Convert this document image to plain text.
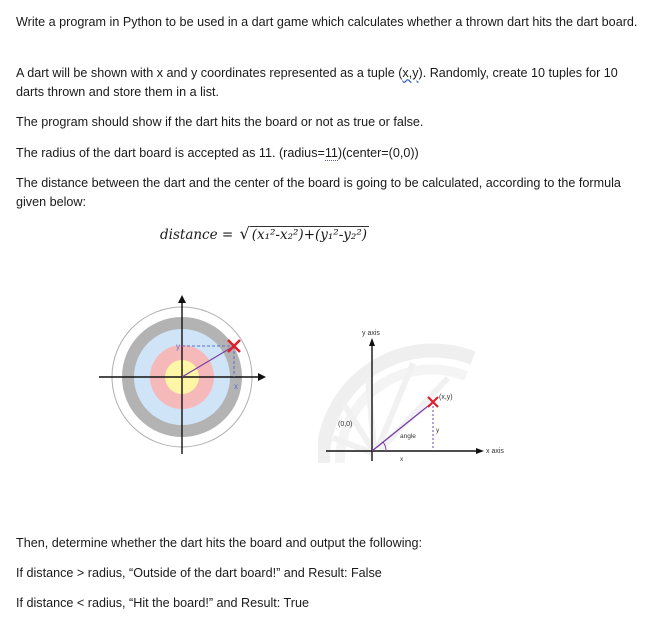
Write a program in Python to be used in a dart game which calculates whether a thrown dart hits the dart board.

A dart will be shown with x and y coordinates represented as a tuple (x,y). Randomly, create 10 tuples for 10 darts thrown and store them in a list.

The program should show if the dart hits the board or not as true or false.

The radius of the dart board is accepted as 11. (radius=11)(center=(0,0))

The distance between the dart and the center of the board is going to be calculated, according to the formula given below:

distance = √ (x₁²-x₂²)+(y₁²-y₂²)
y
x
y axis
x axis
(0,0)
angle
y
x
(x,y)

Then, determine whether the dart hits the board and output the following:

If distance > radius, “Outside of the dart board!” and Result: False

If distance < radius, “Hit the board!” and Result: True
